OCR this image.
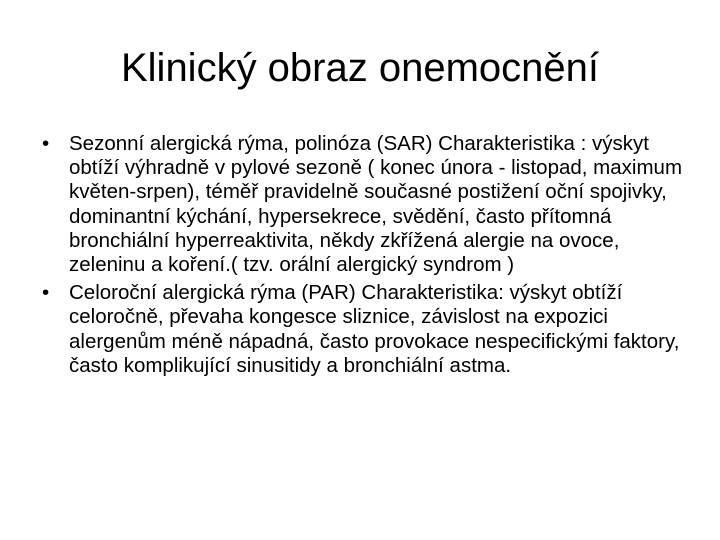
Klinický obraz onemocnění
• Sezonní alergická rýma, polinóza (SAR) Charakteristika : výskyt obtíží výhradně v pylové sezoně ( konec února - listopad, maximum květen-srpen), téměř pravidelně současné postižení oční spojivky, dominantní kýchání, hypersekrece, svědění, často přítomná bronchiální hyperreaktivita, někdy zkřížená alergie na ovoce, zeleninu a koření.( tzv. orální alergický syndrom )
• Celoroční alergická rýma (PAR) Charakteristika: výskyt obtíží celoročně, převaha kongesce sliznice, závislost na expozici alergenům méně nápadná, často provokace nespecifickými faktory, často komplikující sinusitidy a bronchiální astma.
